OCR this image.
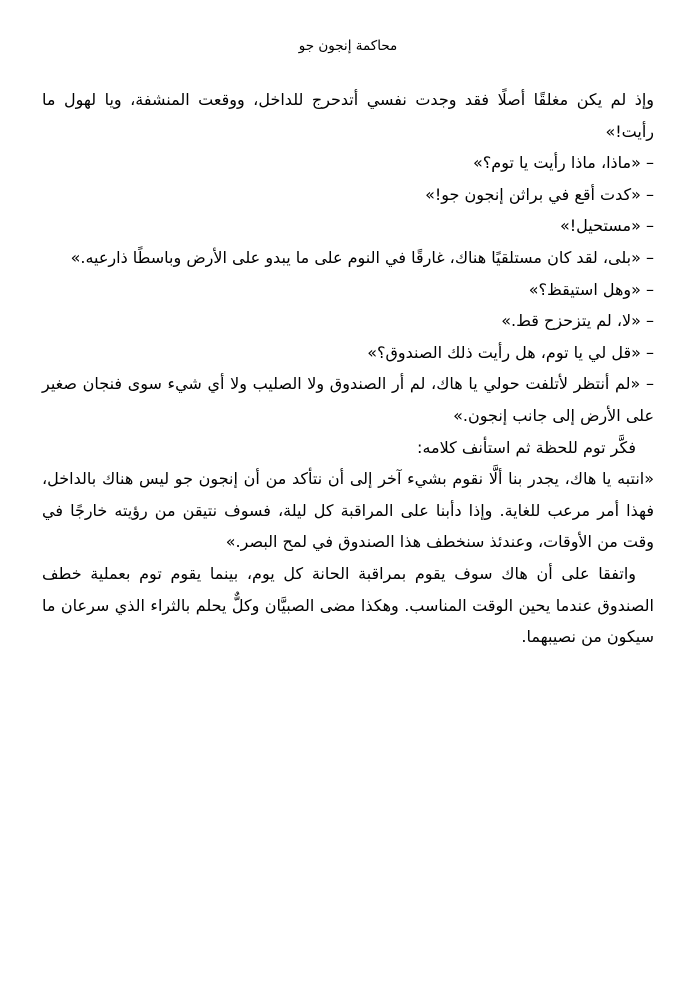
محاكمة إنجون جو

وإذ لم يكن مغلقًا أصلًا فقد وجدت نفسي أتدحرج للداخل، ووقعت المنشفة، ويا لهول ما رأيت!»

– «ماذا، ماذا رأيت يا توم؟»

– «كدت أقع في براثن إنجون جو!»

– «مستحيل!»

– «بلى، لقد كان مستلقيًا هناك، غارقًا في النوم على ما يبدو على الأرض وباسطًا ذارعيه.»

– «وهل استيقظ؟»

– «لا، لم يتزحزح قط.»

– «قل لي يا توم، هل رأيت ذلك الصندوق؟»

– «لم أنتظر لأتلفت حولي يا هاك، لم أر الصندوق ولا الصليب ولا أي شيء سوى فنجان صغير على الأرض إلى جانب إنجون.»

فكَّر توم للحظة ثم استأنف كلامه:

«انتبه يا هاك، يجدر بنا ألَّا نقوم بشيء آخر إلى أن نتأكد من أن إنجون جو ليس هناك بالداخل، فهذا أمر مرعب للغاية. وإذا دأبنا على المراقبة كل ليلة، فسوف نتيقن من رؤيته خارجًا في وقت من الأوقات، وعندئذ سنخطف هذا الصندوق في لمح البصر.»

واتفقا على أن هاك سوف يقوم بمراقبة الحانة كل يوم، بينما يقوم توم بعملية خطف الصندوق عندما يحين الوقت المناسب. وهكذا مضى الصبيَّان وكلٌّ يحلم بالثراء الذي سرعان ما سيكون من نصيبهما.
